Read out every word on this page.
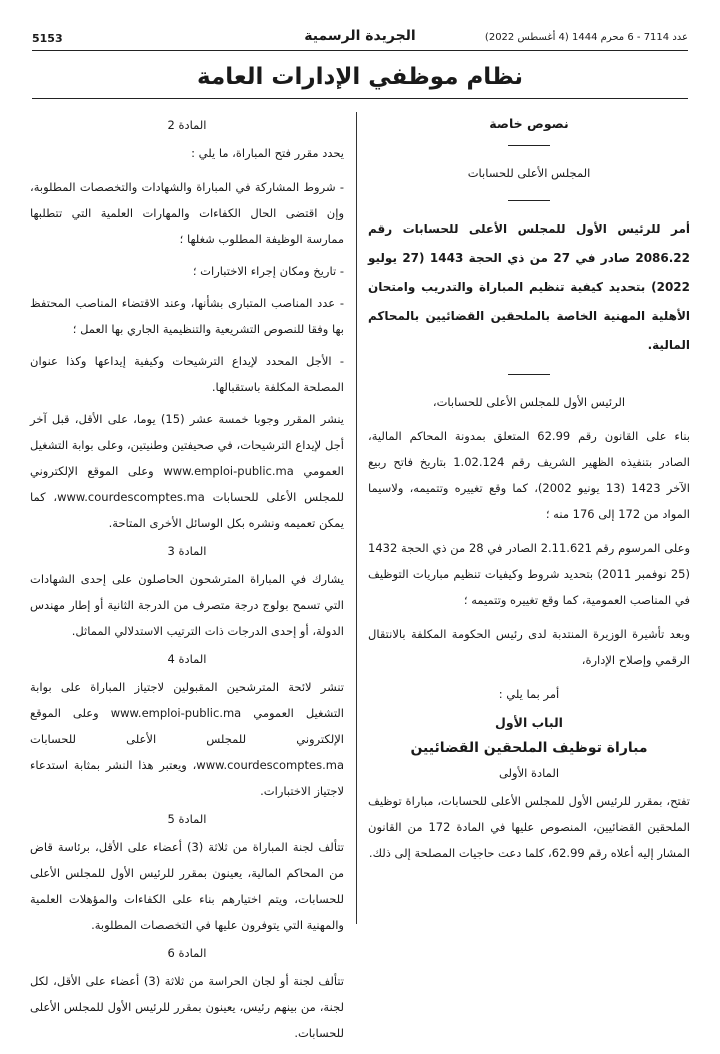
5153	الجريدة الرسمية	عدد 7114 - 6 محرم 1444 (4 أغسطس 2022)
نظام موظفي الإدارات العامة
نصوص خاصة
المجلس الأعلى للحسابات
أمر للرئيس الأول للمجلس الأعلى للحسابات رقم 2086.22 صادر في 27 من ذي الحجة 1443 (27 يوليو 2022) بتحديد كيفية تنظيم المباراة والتدريب وامتحان الأهلية المهنية الخاصة بالملحقين القضائيين بالمحاكم المالية.
الرئيس الأول للمجلس الأعلى للحسابات،
بناء على القانون رقم 62.99 المتعلق بمدونة المحاكم المالية، الصادر بتنفيذه الظهير الشريف رقم 1.02.124 بتاريخ فاتح ربيع الآخر 1423 (13 يونيو 2002)، كما وقع تغييره وتتميمه، ولاسيما المواد من 172 إلى 176 منه ؛
وعلى المرسوم رقم 2.11.621 الصادر في 28 من ذي الحجة 1432 (25 نوفمبر 2011) بتحديد شروط وكيفيات تنظيم مباريات التوظيف في المناصب العمومية، كما وقع تغييره وتتميمه ؛
وبعد تأشيرة الوزيرة المنتدبة لدى رئيس الحكومة المكلفة بالانتقال الرقمي وإصلاح الإدارة،
أمر بما يلي :
الباب الأول
مباراة توظيف الملحقين القضائيين
المادة الأولى
تفتح، بمقرر للرئيس الأول للمجلس الأعلى للحسابات، مباراة توظيف الملحقين القضائيين، المنصوص عليها في المادة 172 من القانون المشار إليه أعلاه رقم 62.99، كلما دعت حاجيات المصلحة إلى ذلك.
المادة 2
يحدد مقرر فتح المباراة، ما يلي :
- شروط المشاركة في المباراة والشهادات والتخصصات المطلوبة، وإن اقتضى الحال الكفاءات والمهارات العلمية التي تتطلبها ممارسة الوظيفة المطلوب شغلها ؛
- تاريخ ومكان إجراء الاختبارات ؛
- عدد المناصب المتبارى بشأنها، وعند الاقتضاء المناصب المحتفظ بها وفقا للنصوص التشريعية والتنظيمية الجاري بها العمل ؛
- الأجل المحدد لإيداع الترشيحات وكيفية إيداعها وكذا عنوان المصلحة المكلفة باستقبالها.
ينشر المقرر وجوبا خمسة عشر (15) يوما، على الأقل، قبل آخر أجل لإيداع الترشيحات، في صحيفتين وطنيتين، وعلى بوابة التشغيل العمومي www.emploi-public.ma وعلى الموقع الإلكتروني للمجلس الأعلى للحسابات www.courdescomptes.ma، كما يمكن تعميمه ونشره بكل الوسائل الأخرى المتاحة.
المادة 3
يشارك في المباراة المترشحون الحاصلون على إحدى الشهادات التي تسمح بولوج درجة متصرف من الدرجة الثانية أو إطار مهندس الدولة، أو إحدى الدرجات ذات الترتيب الاستدلالي المماثل.
المادة 4
تنشر لائحة المترشحين المقبولين لاجتياز المباراة على بوابة التشغيل العمومي www.emploi-public.ma وعلى الموقع الإلكتروني للمجلس الأعلى للحسابات www.courdescomptes.ma، ويعتبر هذا النشر بمثابة استدعاء لاجتياز الاختبارات.
المادة 5
تتألف لجنة المباراة من ثلاثة (3) أعضاء على الأقل، برئاسة قاض من المحاكم المالية، يعينون بمقرر للرئيس الأول للمجلس الأعلى للحسابات، ويتم اختيارهم بناء على الكفاءات والمؤهلات العلمية والمهنية التي يتوفرون عليها في التخصصات المطلوبة.
المادة 6
تتألف لجنة أو لجان الحراسة من ثلاثة (3) أعضاء على الأقل، لكل لجنة، من بينهم رئيس، يعينون بمقرر للرئيس الأول للمجلس الأعلى للحسابات.
